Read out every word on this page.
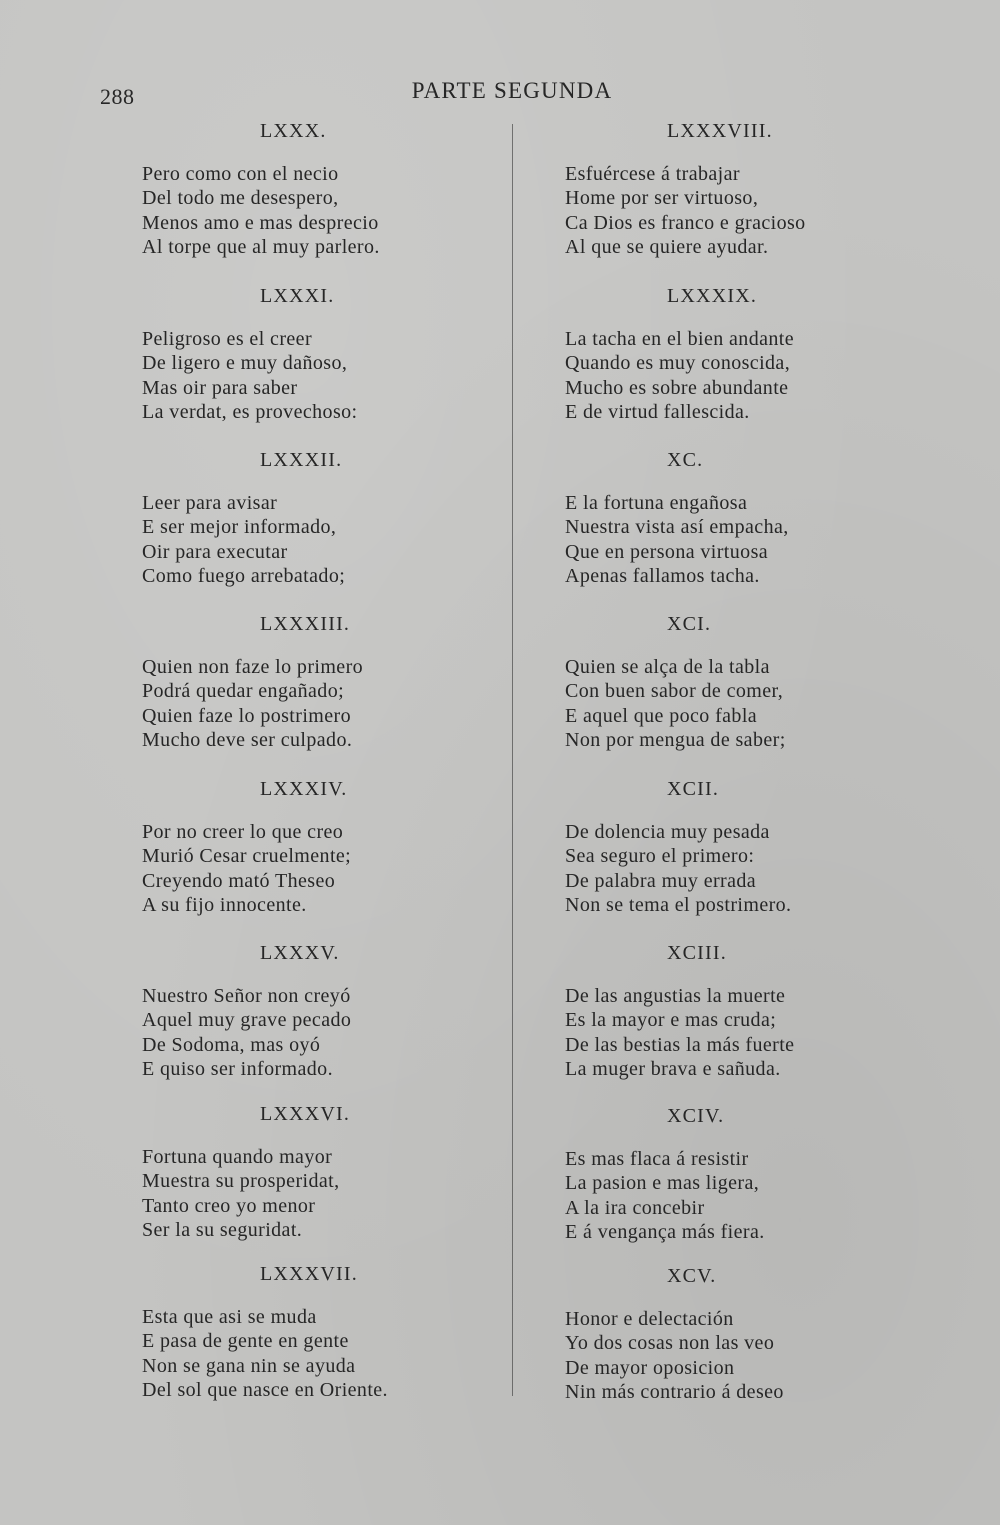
288	PARTE SEGUNDA
LXXX.
Pero como con el necio
Del todo me desespero,
Menos amo e mas desprecio
Al torpe que al muy parlero.
LXXXI.
Peligroso es el creer
De ligero e muy dañoso,
Mas oir para saber
La verdat, es provechoso:
LXXXII.
Leer para avisar
E ser mejor informado,
Oir para executar
Como fuego arrebatado;
LXXXIII.
Quien non faze lo primero
Podrá quedar engañado;
Quien faze lo postrimero
Mucho deve ser culpado.
LXXXIV.
Por no creer lo que creo
Murió Cesar cruelmente;
Creyendo mató Theseo
A su fijo innocente.
LXXXV.
Nuestro Señor non creyó
Aquel muy grave pecado
De Sodoma, mas oyó
E quiso ser informado.
LXXXVI.
Fortuna quando mayor
Muestra su prosperidat,
Tanto creo yo menor
Ser la su seguridat.
LXXXVII.
Esta que asi se muda
E pasa de gente en gente
Non se gana nin se ayuda
Del sol que nasce en Oriente.
LXXXVIII.
Esfuércese á trabajar
Home por ser virtuoso,
Ca Dios es franco e gracioso
Al que se quiere ayudar.
LXXXIX.
La tacha en el bien andante
Quando es muy conoscida,
Mucho es sobre abundante
E de virtud fallescida.
XC.
E la fortuna engañosa
Nuestra vista así empacha,
Que en persona virtuosa
Apenas fallamos tacha.
XCI.
Quien se alça de la tabla
Con buen sabor de comer,
E aquel que poco fabla
Non por mengua de saber;
XCII.
De dolencia muy pesada
Sea seguro el primero:
De palabra muy errada
Non se tema el postrimero.
XCIII.
De las angustias la muerte
Es la mayor e mas cruda;
De las bestias la más fuerte
La muger brava e sañuda.
XCIV.
Es mas flaca á resistir
La pasion e mas ligera,
A la ira concebir
E á vengança más fiera.
XCV.
Honor e delectación
Yo dos cosas non las veo
De mayor oposicion
Nin más contrario á deseo
